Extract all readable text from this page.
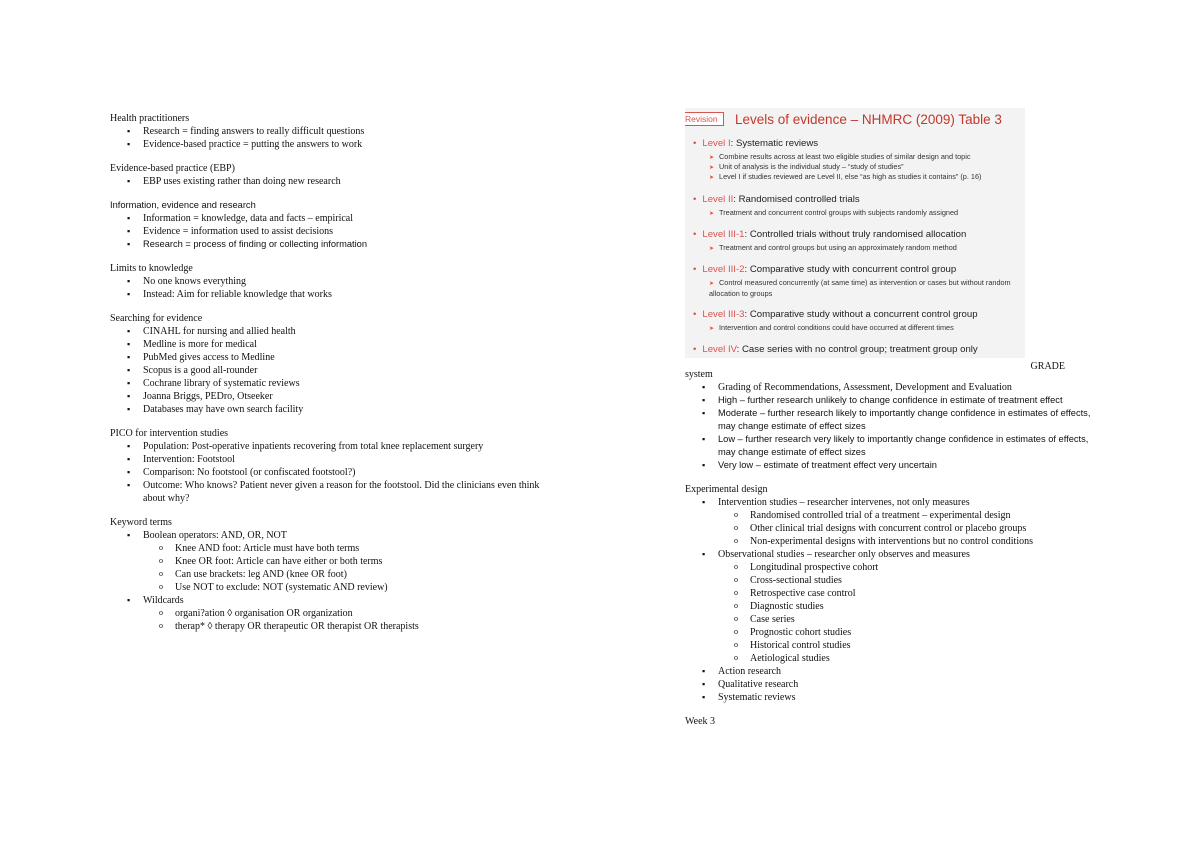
Health practitioners

▪ Research = finding answers to really difficult questions
▪ Evidence-based practice = putting the answers to work

Evidence-based practice (EBP)

▪ EBP uses existing rather than doing new research

Information, evidence and research

▪ Information = knowledge, data and facts – empirical
▪ Evidence = information used to assist decisions
▪ Research = process of finding or collecting information

Limits to knowledge

▪ No one knows everything
▪ Instead: Aim for reliable knowledge that works

Searching for evidence

▪ CINAHL for nursing and allied health
▪ Medline is more for medical
▪ PubMed gives access to Medline
▪ Scopus is a good all-rounder
▪ Cochrane library of systematic reviews
▪ Joanna Briggs, PEDro, Otseeker
▪ Databases may have own search facility

PICO for intervention studies

▪ Population: Post-operative inpatients recovering from total knee replacement surgery
▪ Intervention: Footstool
▪ Comparison: No footstool (or confiscated footstool?)
▪ Outcome: Who knows? Patient never given a reason for the footstool. Did the clinicians even think about why?

Keyword terms

▪ Boolean operators: AND, OR, NOT
o Knee AND foot: Article must have both terms
o Knee OR foot: Article can have either or both terms
o Can use brackets: leg AND (knee OR foot)
o Use NOT to exclude: NOT (systematic AND review)
▪ Wildcards
o organi?ation ◊ organisation OR organization
o therap* ◊ therapy OR therapeutic OR therapist OR therapists
Revision	Levels of evidence – NHMRC (2009) Table 3
• Level I: Systematic reviews
➤ Combine results across at least two eligible studies of similar design and topic
➤ Unit of analysis is the individual study – “study of studies”
➤ Level I if studies reviewed are Level II, else “as high as studies it contains” (p. 16)
• Level II: Randomised controlled trials
➤ Treatment and concurrent control groups with subjects randomly assigned
• Level III-1: Controlled trials without truly randomised allocation
➤ Treatment and control groups but using an approximately random method
• Level III-2: Comparative study with concurrent control group
➤ Control measured concurrently (at same time) as intervention or cases but without random allocation to groups
• Level III-3: Comparative study without a concurrent control group
➤ Intervention and control conditions could have occurred at different times
• Level IV: Case series with no control group; treatment group only
GRADE

system

▪ Grading of Recommendations, Assessment, Development and Evaluation
▪ High – further research unlikely to change confidence in estimate of treatment effect
▪ Moderate – further research likely to importantly change confidence in estimates of effects, may change estimate of effect sizes
▪ Low – further research very likely to importantly change confidence in estimates of effects, may change estimate of effect sizes
▪ Very low – estimate of treatment effect very uncertain

Experimental design

▪ Intervention studies – researcher intervenes, not only measures
o Randomised controlled trial of a treatment – experimental design
o Other clinical trial designs with concurrent control or placebo groups
o Non-experimental designs with interventions but no control conditions
▪ Observational studies – researcher only observes and measures
o Longitudinal prospective cohort
o Cross-sectional studies
o Retrospective case control
o Diagnostic studies
o Case series
o Prognostic cohort studies
o Historical control studies
o Aetiological studies
▪ Action research
▪ Qualitative research
▪ Systematic reviews

Week 3
